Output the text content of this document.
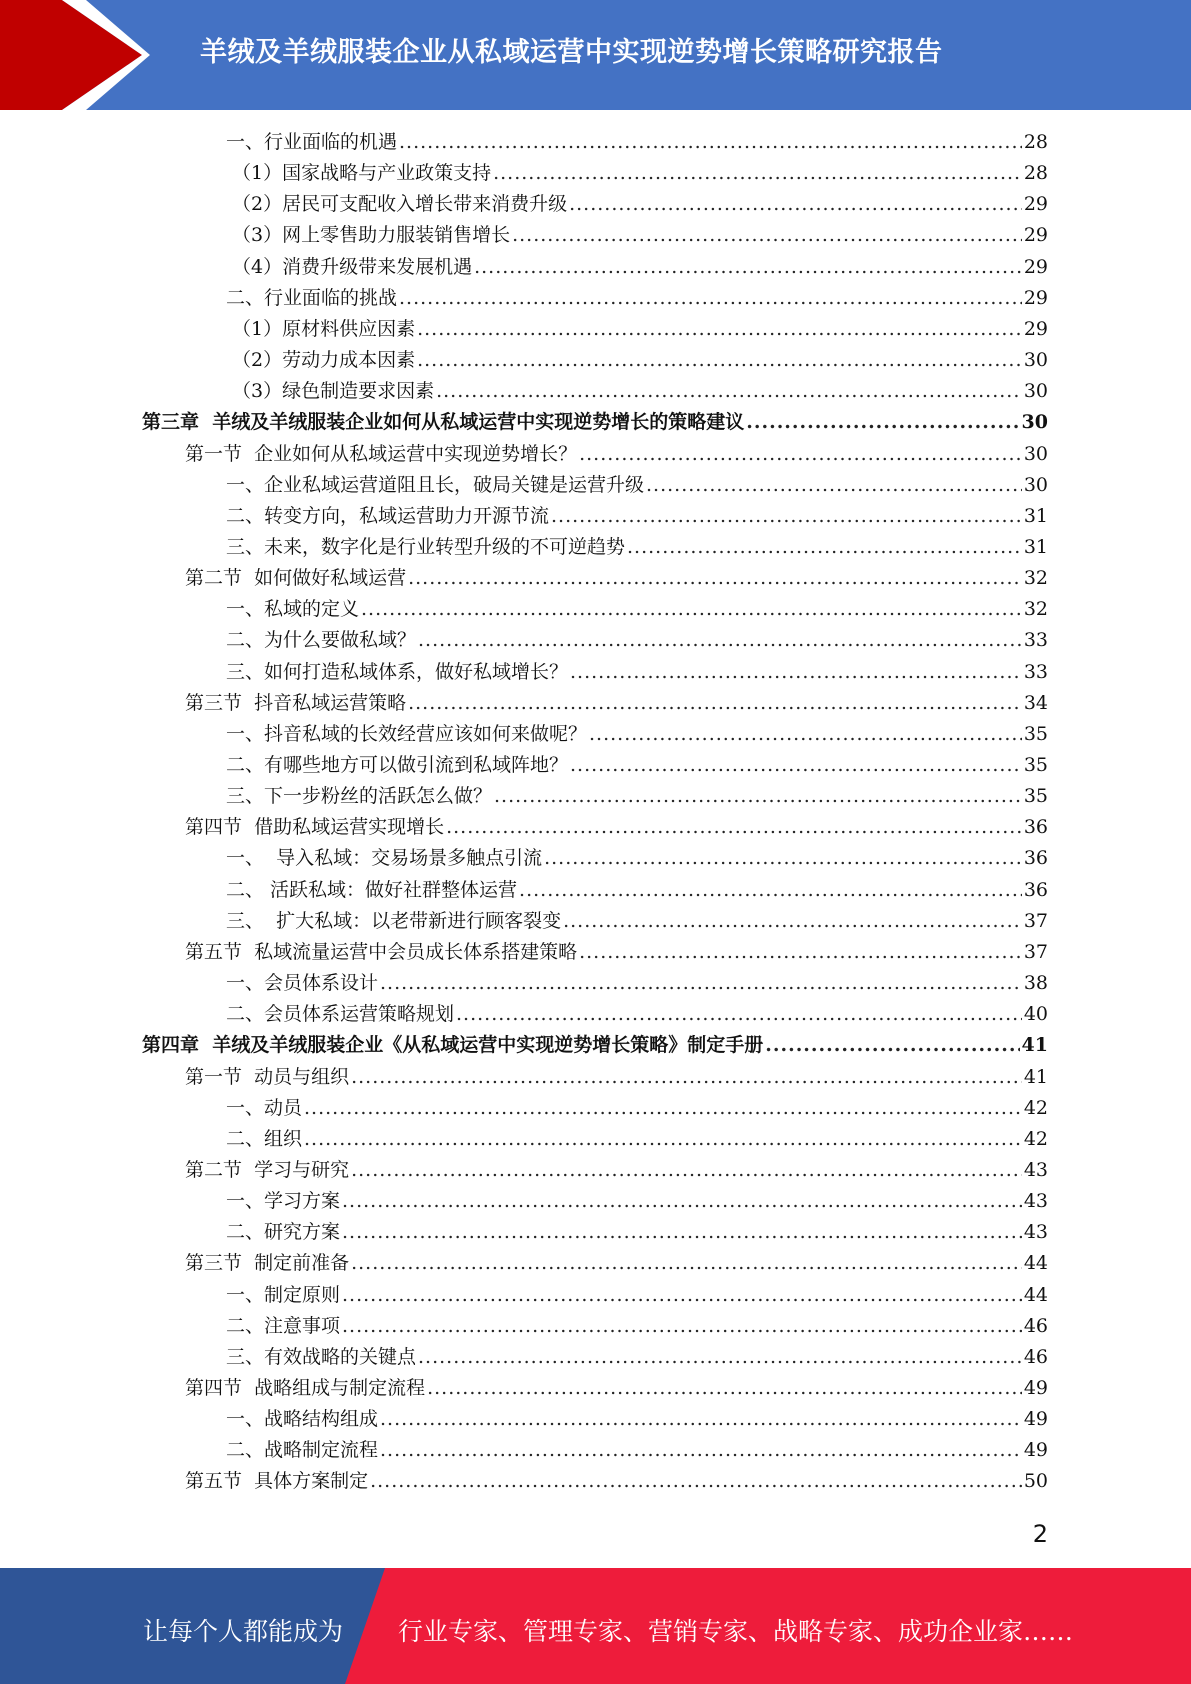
羊绒及羊绒服装企业从私域运营中实现逆势增长策略研究报告
一、行业面临的机遇 .....	28
（1）国家战略与产业政策支持 .....	28
（2）居民可支配收入增长带来消费升级 .....	29
（3）网上零售助力服装销售增长 .....	29
（4）消费升级带来发展机遇 .....	29
二、行业面临的挑战 .....	29
（1）原材料供应因素 .....	29
（2）劳动力成本因素 .....	30
（3）绿色制造要求因素 .....	30
第三章  羊绒及羊绒服装企业如何从私域运营中实现逆势增长的策略建议 .....	30
第一节  企业如何从私域运营中实现逆势增长？ .....	30
一、企业私域运营道阻且长，破局关键是运营升级 .....	30
二、转变方向，私域运营助力开源节流 .....	31
三、未来，数字化是行业转型升级的不可逆趋势 .....	31
第二节  如何做好私域运营 .....	32
一、私域的定义 .....	32
二、为什么要做私域？ .....	33
三、如何打造私域体系，做好私域增长？ .....	33
第三节  抖音私域运营策略 .....	34
一、抖音私域的长效经营应该如何来做呢？ .....	35
二、有哪些地方可以做引流到私域阵地？ .....	35
三、下一步粉丝的活跃怎么做？ .....	35
第四节  借助私域运营实现增长 .....	36
一、  导入私域：交易场景多触点引流 .....	36
二、 活跃私域：做好社群整体运营 .....	36
三、  扩大私域：以老带新进行顾客裂变 .....	37
第五节  私域流量运营中会员成长体系搭建策略 .....	37
一、会员体系设计 .....	38
二、会员体系运营策略规划 .....	40
第四章  羊绒及羊绒服装企业《从私域运营中实现逆势增长策略》制定手册 .....	41
第一节  动员与组织 .....	41
一、动员 .....	42
二、组织 .....	42
第二节  学习与研究 .....	43
一、学习方案 .....	43
二、研究方案 .....	43
第三节  制定前准备 .....	44
一、制定原则 .....	44
二、注意事项 .....	46
三、有效战略的关键点 .....	46
第四节  战略组成与制定流程 .....	49
一、战略结构组成 .....	49
二、战略制定流程 .....	49
第五节  具体方案制定 .....	50
2
让每个人都能成为 行业专家、管理专家、营销专家、战略专家、成功企业家……
